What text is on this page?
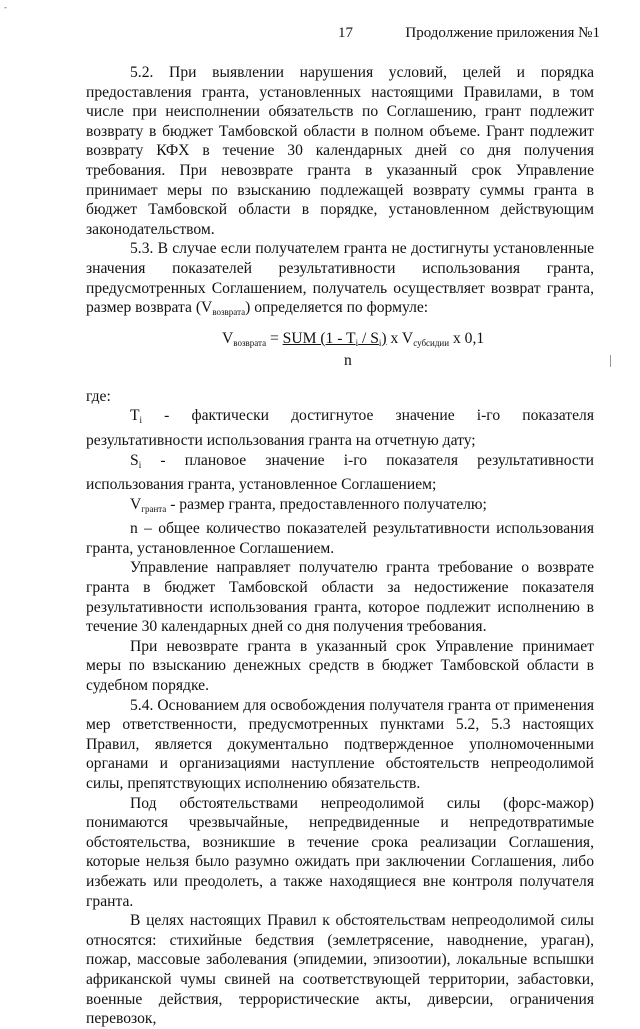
-
17	Продолжение приложения №1

5.2. При выявлении нарушения условий, целей и порядка предоставления гранта, установленных настоящими Правилами, в том числе при неисполнении обязательств по Соглашению, грант подлежит возврату в бюджет Тамбовской области в полном объеме. Грант подлежит возврату КФХ в течение 30 календарных дней со дня получения требования. При невозврате гранта в указанный срок Управление принимает меры по взысканию подлежащей возврату суммы гранта в бюджет Тамбовской области в порядке, установленном действующим законодательством.

5.3. В случае если получателем гранта не достигнуты установленные значения показателей результативности использования гранта, предусмотренных Соглашением, получатель осуществляет возврат гранта, размер возврата $(V_{возврата})$ определяется по формуле:

$V_{возврата}$ = SUM $(1 - T_i / S_i)$ x $V_{субсидии}$ x 0,1
n

где:

$T_i$ - фактически достигнутое значение i-го показателя результативности использования гранта на отчетную дату;

$S_i$ - плановое значение i-го показателя результативности использования гранта, установленное Соглашением;

$V_{гранта}$ - размер гранта, предоставленного получателю;

n – общее количество показателей результативности использования гранта, установленное Соглашением.

Управление направляет получателю гранта требование о возврате гранта в бюджет Тамбовской области за недостижение показателя результативности использования гранта, которое подлежит исполнению в течение 30 календарных дней со дня получения требования.

При невозврате гранта в указанный срок Управление принимает меры по взысканию денежных средств в бюджет Тамбовской области в судебном порядке.

5.4. Основанием для освобождения получателя гранта от применения мер ответственности, предусмотренных пунктами 5.2, 5.3 настоящих Правил, является документально подтвержденное уполномоченными органами и организациями наступление обстоятельств непреодолимой силы, препятствующих исполнению обязательств.

Под обстоятельствами непреодолимой силы (форс-мажор) понимаются чрезвычайные, непредвиденные и непредотвратимые обстоятельства, возникшие в течение срока реализации Соглашения, которые нельзя было разумно ожидать при заключении Соглашения, либо избежать или преодолеть, а также находящиеся вне контроля получателя гранта.

В целях настоящих Правил к обстоятельствам непреодолимой силы относятся: стихийные бедствия (землетрясение, наводнение, ураган), пожар, массовые заболевания (эпидемии, эпизоотии), локальные вспышки африканской чумы свиней на соответствующей территории, забастовки, военные действия, террористические акты, диверсии, ограничения перевозок,
